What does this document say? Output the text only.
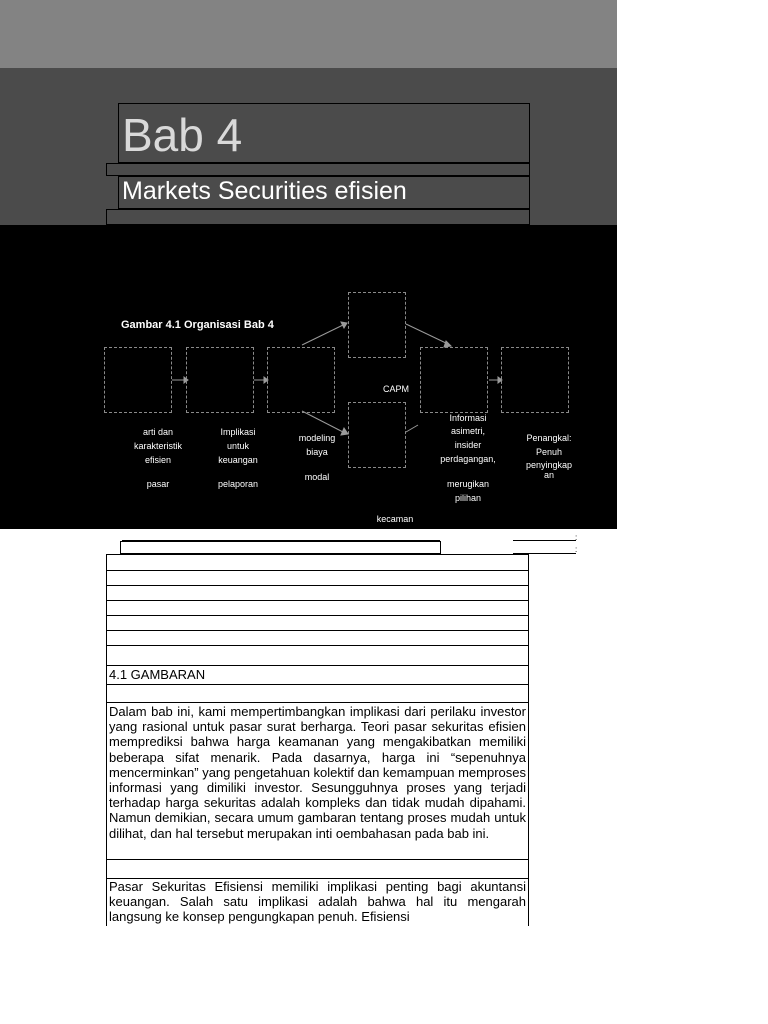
Bab 4
Markets Securities efisien
Gambar 4.1 Organisasi Bab 4
CAPM
arti dan
karakteristik
efisien
pasar
Implikasi
untuk
keuangan
pelaporan
modeling
biaya
modal
Informasi
asimetri,
insider
perdagangan,
merugikan
pilihan
Penangkal:
Penuh
penyingkap
an
kecaman
:
:
4.1 GAMBARAN

Dalam bab ini, kami mempertimbangkan implikasi dari perilaku investor yang rasional untuk pasar surat berharga. Teori pasar sekuritas efisien memprediksi bahwa harga keamanan yang mengakibatkan memiliki beberapa sifat menarik. Pada dasarnya, harga ini “sepenuhnya mencerminkan” yang pengetahuan kolektif dan kemampuan memproses informasi yang dimiliki investor. Sesungguhnya proses yang terjadi terhadap harga sekuritas adalah kompleks dan tidak mudah dipahami. Namun demikian, secara umum gambaran tentang proses mudah untuk dilihat, dan hal tersebut merupakan inti oembahasan pada bab ini.

Pasar Sekuritas Efisiensi memiliki implikasi penting bagi akuntansi keuangan. Salah satu implikasi adalah bahwa hal itu mengarah langsung ke konsep pengungkapan penuh. Efisiensi
